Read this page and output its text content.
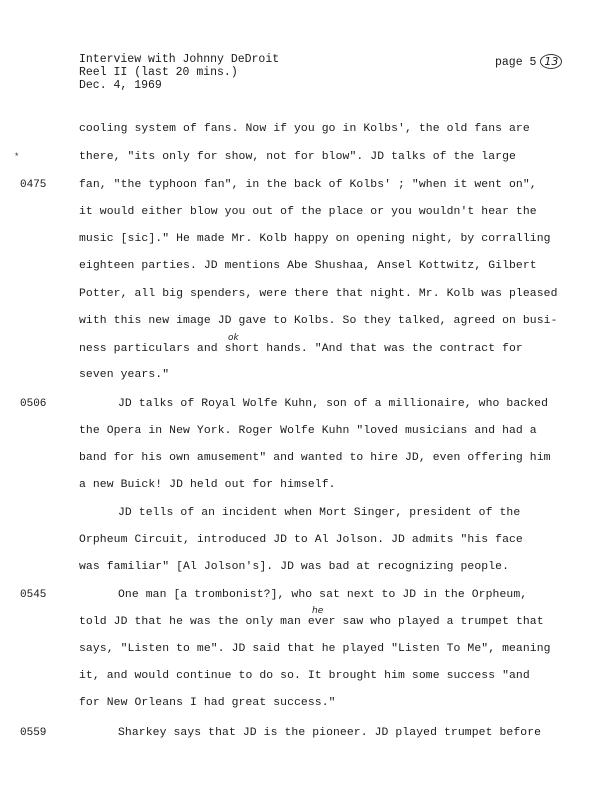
Interview with Johnny DeDroit
Reel II (last 20 mins.)
Dec. 4, 1969
page 5 13
*
0475
0506
0545
0559
cooling system of fans. Now if you go in Kolbs', the old fans are
there, "its only for show, not for blow". JD talks of the large
fan, "the typhoon fan", in the back of Kolbs' ; "when it went on",
it would either blow you out of the place or you wouldn't hear the
music [sic]." He made Mr. Kolb happy on opening night, by corralling
eighteen parties. JD mentions Abe Shushaa, Ansel Kottwitz, Gilbert
Potter, all big spenders, were there that night. Mr. Kolb was pleased
with this new image JD gave to Kolbs. So they talked, agreed on busi-
ness particulars and short hands. "And that was the contract for
seven years."
JD talks of Royal Wolfe Kuhn, son of a millionaire, who backed
the Opera in New York. Roger Wolfe Kuhn "loved musicians and had a
band for his own amusement" and wanted to hire JD, even offering him
a new Buick! JD held out for himself.
JD tells of an incident when Mort Singer, president of the
Orpheum Circuit, introduced JD to Al Jolson. JD admits "his face
was familiar" [Al Jolson's]. JD was bad at recognizing people.
One man [a trombonist?], who sat next to JD in the Orpheum,
told JD that he was the only man ever saw who played a trumpet that
says, "Listen to me". JD said that he played "Listen To Me", meaning
it, and would continue to do so. It brought him some success "and
for New Orleans I had great success."
Sharkey says that JD is the pioneer. JD played trumpet before
ok
he
